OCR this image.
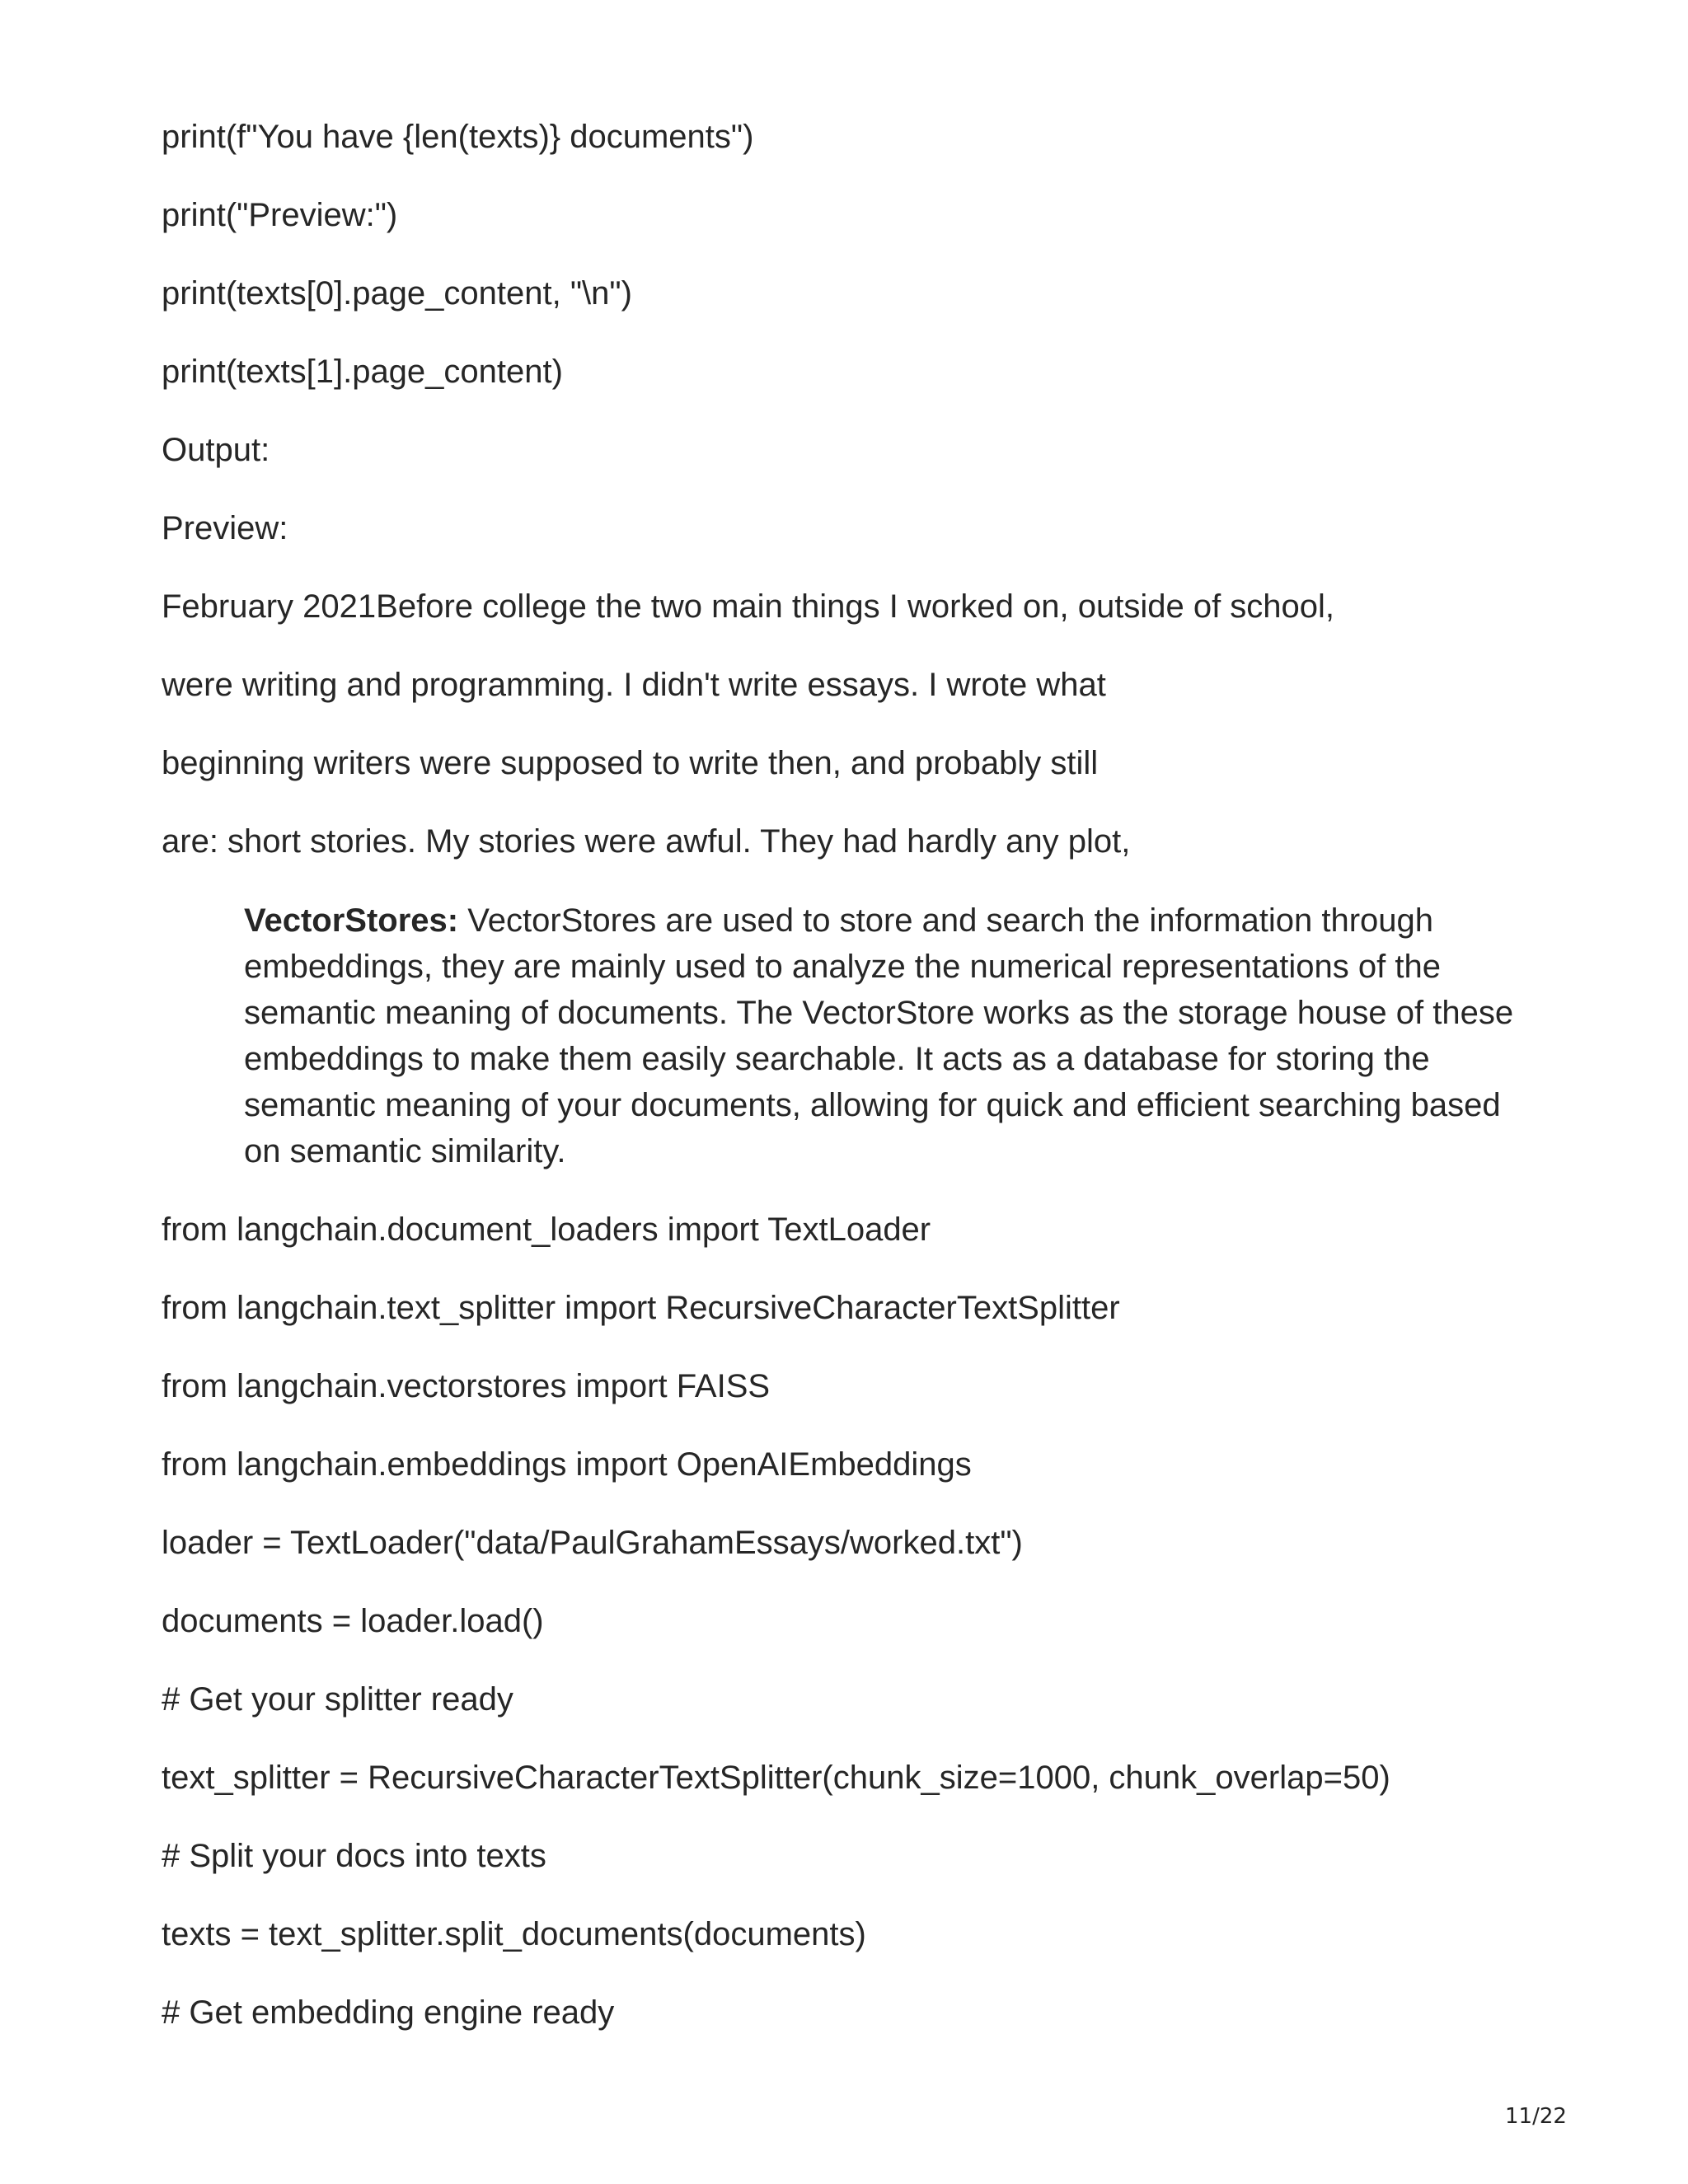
print(f"You have {len(texts)} documents")

print("Preview:")

print(texts[0].page_content, "\n")

print(texts[1].page_content)

Output:

Preview:

February 2021Before college the two main things I worked on, outside of school,

were writing and programming. I didn't write essays. I wrote what

beginning writers were supposed to write then, and probably still

are: short stories. My stories were awful. They had hardly any plot,

VectorStores: VectorStores are used to store and search the information through embeddings, they are mainly used to analyze the numerical representations of the semantic meaning of documents. The VectorStore works as the storage house of these embeddings to make them easily searchable. It acts as a database for storing the semantic meaning of your documents, allowing for quick and efficient searching based on semantic similarity.

from langchain.document_loaders import TextLoader

from langchain.text_splitter import RecursiveCharacterTextSplitter

from langchain.vectorstores import FAISS

from langchain.embeddings import OpenAIEmbeddings

loader = TextLoader("data/PaulGrahamEssays/worked.txt")

documents = loader.load()

# Get your splitter ready

text_splitter = RecursiveCharacterTextSplitter(chunk_size=1000, chunk_overlap=50)

# Split your docs into texts

texts = text_splitter.split_documents(documents)

# Get embedding engine ready

11/22
